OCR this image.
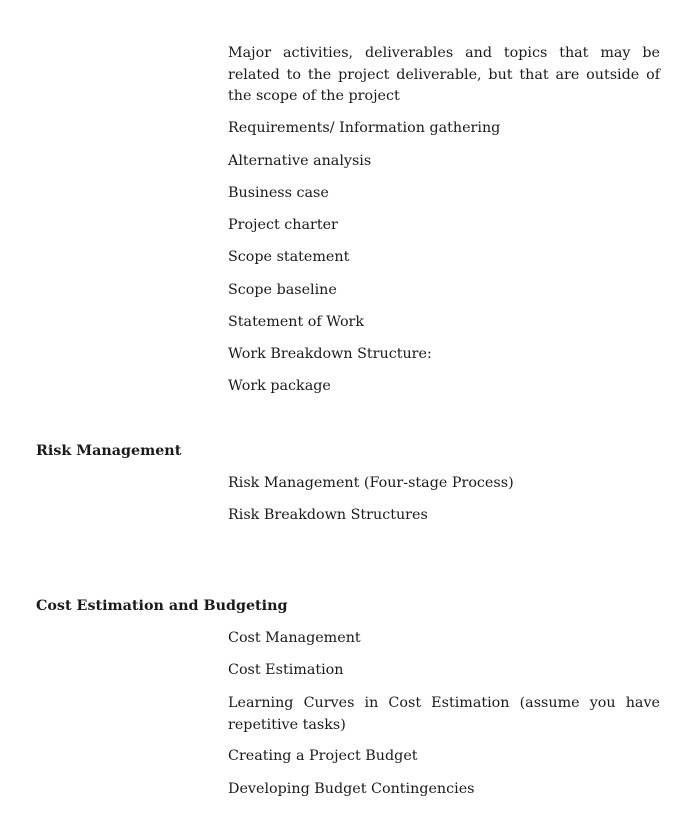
Major activities, deliverables and topics that may be related to the project deliverable, but that are outside of the scope of the project
Requirements/ Information gathering
Alternative analysis
Business case
Project charter
Scope statement
Scope baseline
Statement of Work
Work Breakdown Structure:
Work package
Risk Management
Risk Management (Four-stage Process)
Risk Breakdown Structures
Cost Estimation and Budgeting
Cost Management
Cost Estimation
Learning Curves in Cost Estimation (assume you have repetitive tasks)
Creating a Project Budget
Developing Budget Contingencies
